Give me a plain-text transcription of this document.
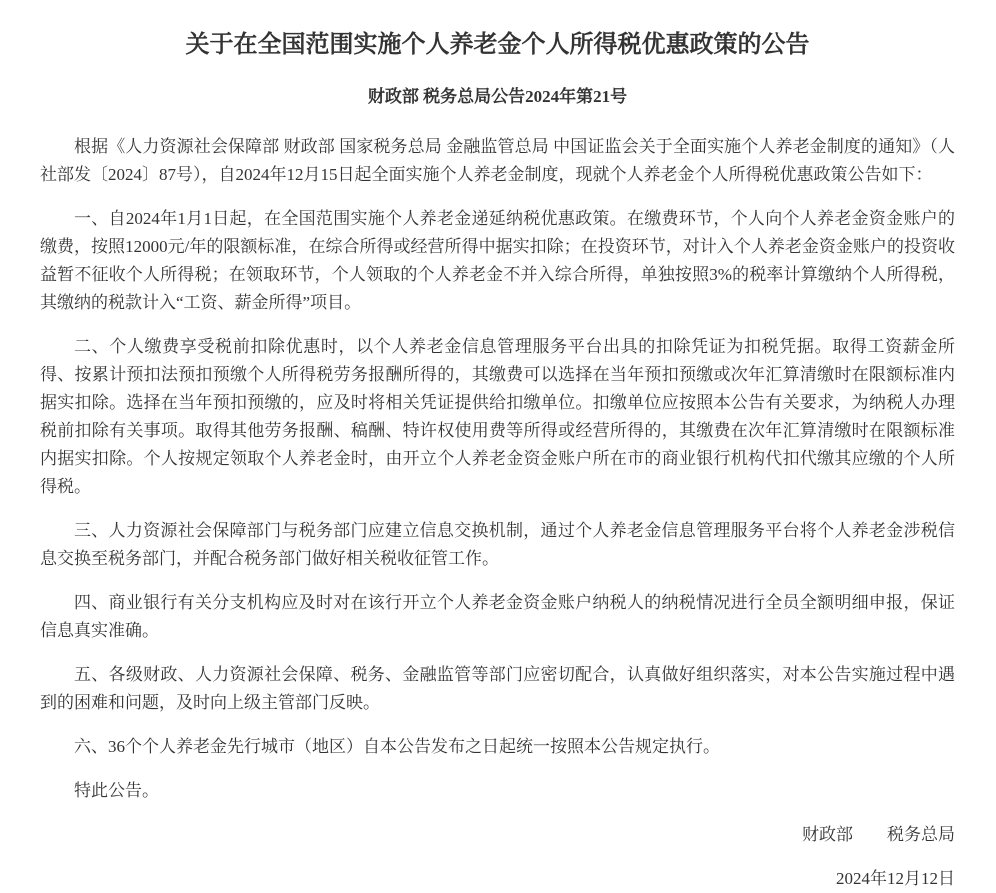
关于在全国范围实施个人养老金个人所得税优惠政策的公告
财政部 税务总局公告2024年第21号

根据《人力资源社会保障部 财政部 国家税务总局 金融监管总局 中国证监会关于全面实施个人养老金制度的通知》（人社部发〔2024〕87号），自2024年12月15日起全面实施个人养老金制度，现就个人养老金个人所得税优惠政策公告如下：

一、自2024年1月1日起，在全国范围实施个人养老金递延纳税优惠政策。在缴费环节，个人向个人养老金资金账户的缴费，按照12000元/年的限额标准，在综合所得或经营所得中据实扣除；在投资环节，对计入个人养老金资金账户的投资收益暂不征收个人所得税；在领取环节，个人领取的个人养老金不并入综合所得，单独按照3%的税率计算缴纳个人所得税，其缴纳的税款计入“工资、薪金所得”项目。

二、个人缴费享受税前扣除优惠时，以个人养老金信息管理服务平台出具的扣除凭证为扣税凭据。取得工资薪金所得、按累计预扣法预扣预缴个人所得税劳务报酬所得的，其缴费可以选择在当年预扣预缴或次年汇算清缴时在限额标准内据实扣除。选择在当年预扣预缴的，应及时将相关凭证提供给扣缴单位。扣缴单位应按照本公告有关要求，为纳税人办理税前扣除有关事项。取得其他劳务报酬、稿酬、特许权使用费等所得或经营所得的，其缴费在次年汇算清缴时在限额标准内据实扣除。个人按规定领取个人养老金时，由开立个人养老金资金账户所在市的商业银行机构代扣代缴其应缴的个人所得税。

三、人力资源社会保障部门与税务部门应建立信息交换机制，通过个人养老金信息管理服务平台将个人养老金涉税信息交换至税务部门，并配合税务部门做好相关税收征管工作。

四、商业银行有关分支机构应及时对在该行开立个人养老金资金账户纳税人的纳税情况进行全员全额明细申报，保证信息真实准确。

五、各级财政、人力资源社会保障、税务、金融监管等部门应密切配合，认真做好组织落实，对本公告实施过程中遇到的困难和问题，及时向上级主管部门反映。

六、36个个人养老金先行城市（地区）自本公告发布之日起统一按照本公告规定执行。

特此公告。

财政部　　税务总局

2024年12月12日
